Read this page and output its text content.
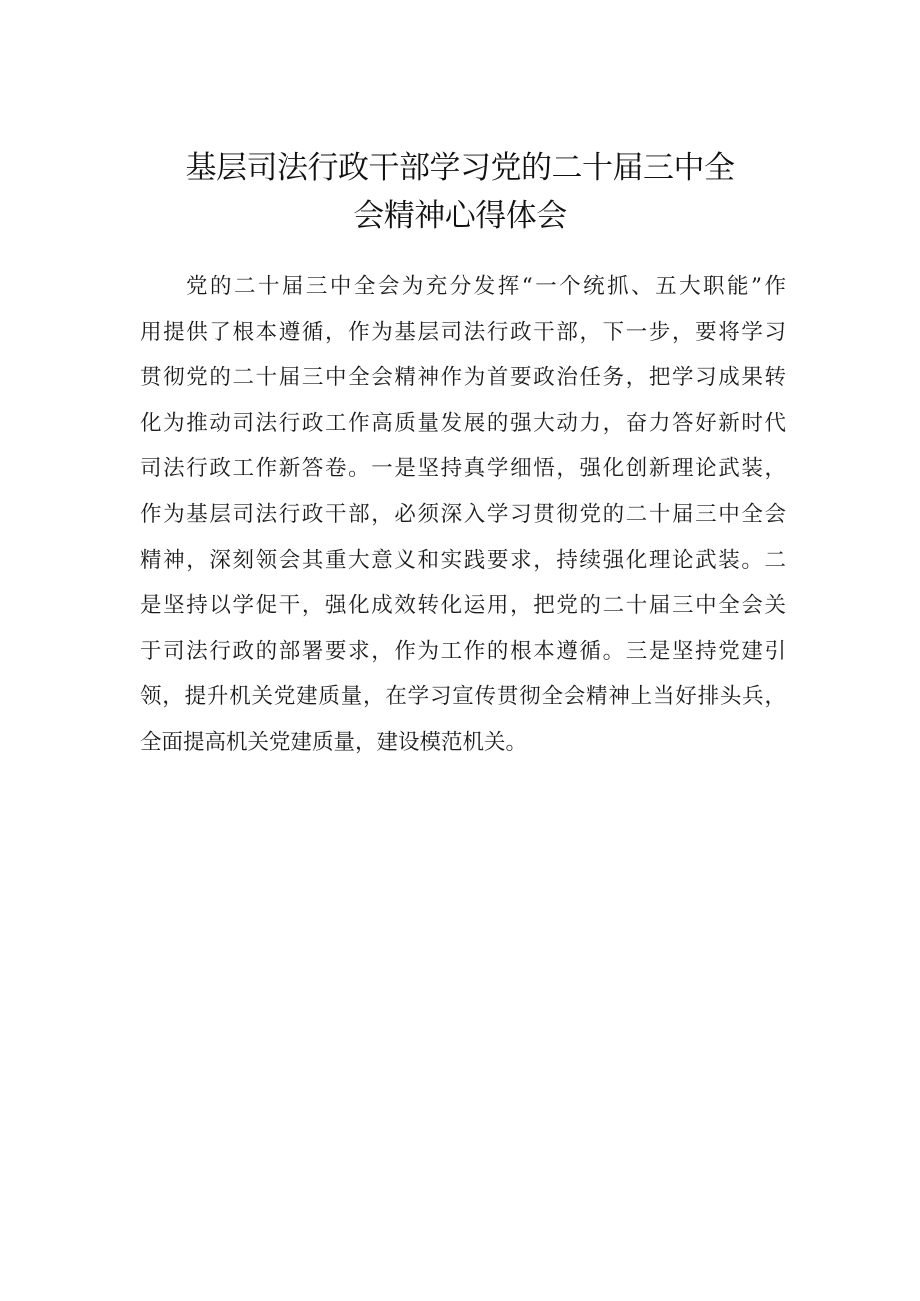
基层司法行政干部学习党的二十届三中全
会精神心得体会

党的二十届三中全会为充分发挥“一个统抓、五大职能”作
用提供了根本遵循，作为基层司法行政干部，下一步，要将学习
贯彻党的二十届三中全会精神作为首要政治任务，把学习成果转
化为推动司法行政工作高质量发展的强大动力，奋力答好新时代
司法行政工作新答卷。一是坚持真学细悟，强化创新理论武装，
作为基层司法行政干部，必须深入学习贯彻党的二十届三中全会
精神，深刻领会其重大意义和实践要求，持续强化理论武装。二
是坚持以学促干，强化成效转化运用，把党的二十届三中全会关
于司法行政的部署要求，作为工作的根本遵循。三是坚持党建引
领，提升机关党建质量，在学习宣传贯彻全会精神上当好排头兵，
全面提高机关党建质量，建设模范机关。
